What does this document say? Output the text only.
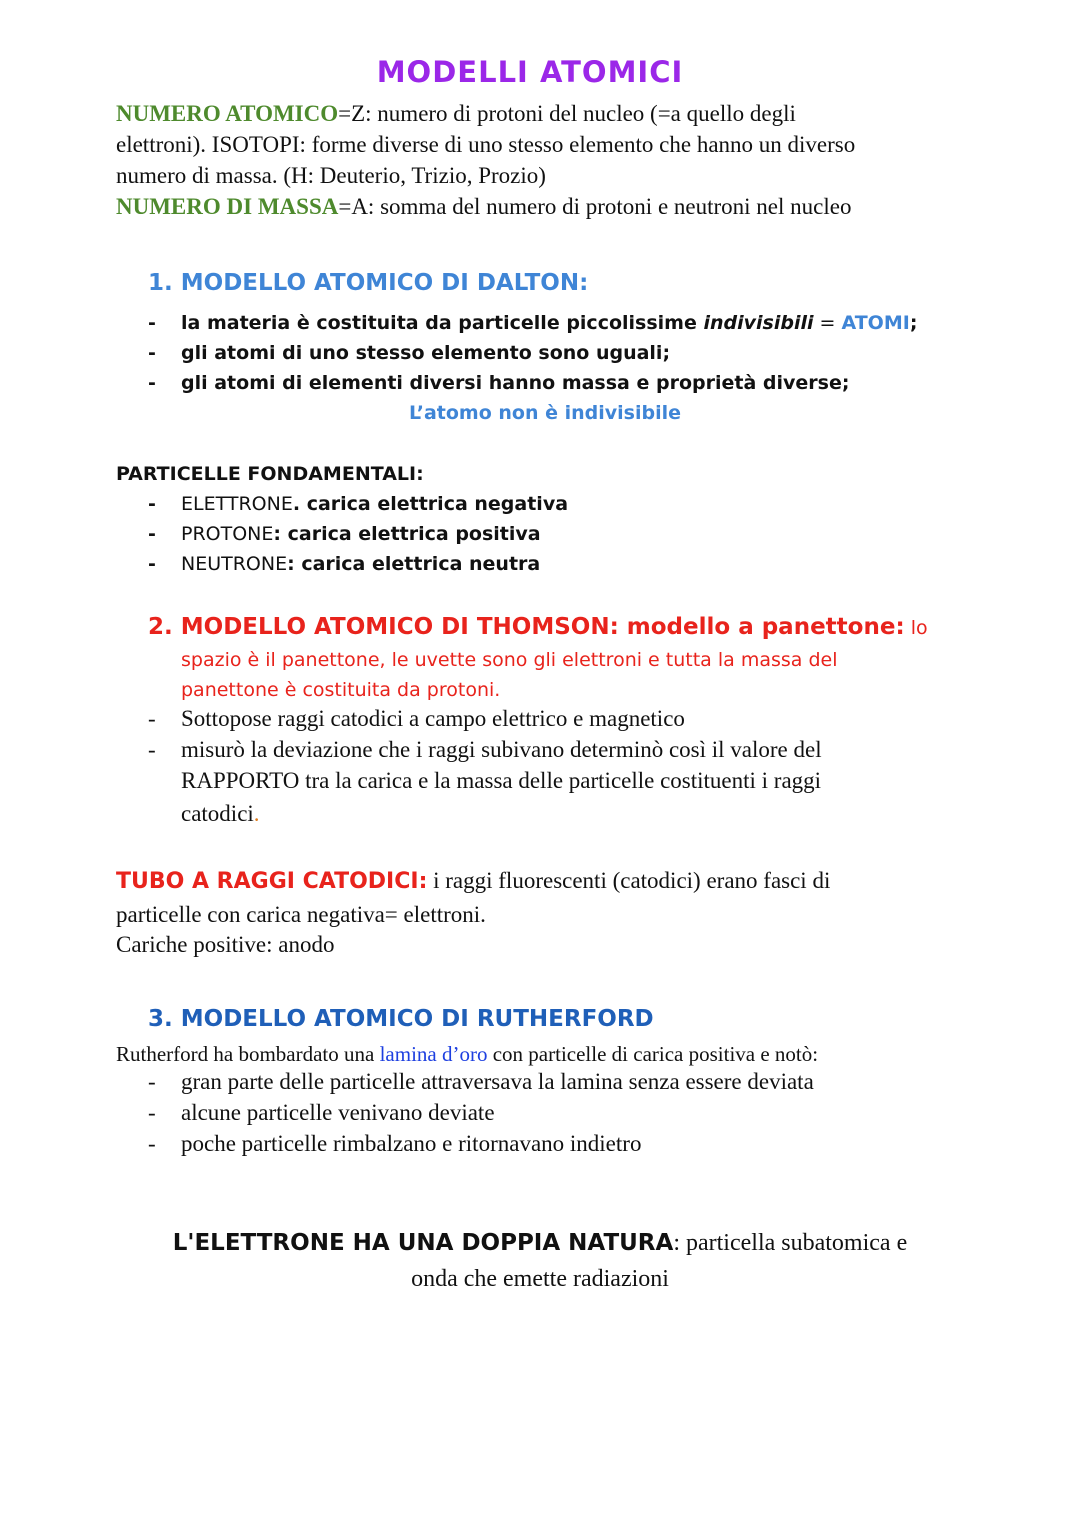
MODELLI ATOMICI
NUMERO ATOMICO=Z: numero di protoni del nucleo (=a quello degli
elettroni). ISOTOPI: forme diverse di uno stesso elemento che hanno un diverso
numero di massa. (H: Deuterio, Trizio, Prozio)
NUMERO DI MASSA=A: somma del numero di protoni e neutroni nel nucleo
1. MODELLO ATOMICO DI DALTON:
- la materia è costituita da particelle piccolissime indivisibili = ATOMI;
- gli atomi di uno stesso elemento sono uguali;
- gli atomi di elementi diversi hanno massa e proprietà diverse;
L’atomo non è indivisibile
PARTICELLE FONDAMENTALI:
- ELETTRONE. carica elettrica negativa
- PROTONE: carica elettrica positiva
- NEUTRONE: carica elettrica neutra
2. MODELLO ATOMICO DI THOMSON: modello a panettone: lo
spazio è il panettone, le uvette sono gli elettroni e tutta la massa del
panettone è costituita da protoni.
- Sottopose raggi catodici a campo elettrico e magnetico
- misurò la deviazione che i raggi subivano determinò così il valore del
RAPPORTO tra la carica e la massa delle particelle costituenti i raggi
catodici.
TUBO A RAGGI CATODICI: i raggi fluorescenti (catodici) erano fasci di
particelle con carica negativa= elettroni.
Cariche positive: anodo
3. MODELLO ATOMICO DI RUTHERFORD
Rutherford ha bombardato una lamina d’oro con particelle di carica positiva e notò:
- gran parte delle particelle attraversava la lamina senza essere deviata
- alcune particelle venivano deviate
- poche particelle rimbalzano e ritornavano indietro
L'ELETTRONE HA UNA DOPPIA NATURA: particella subatomica e
onda che emette radiazioni
